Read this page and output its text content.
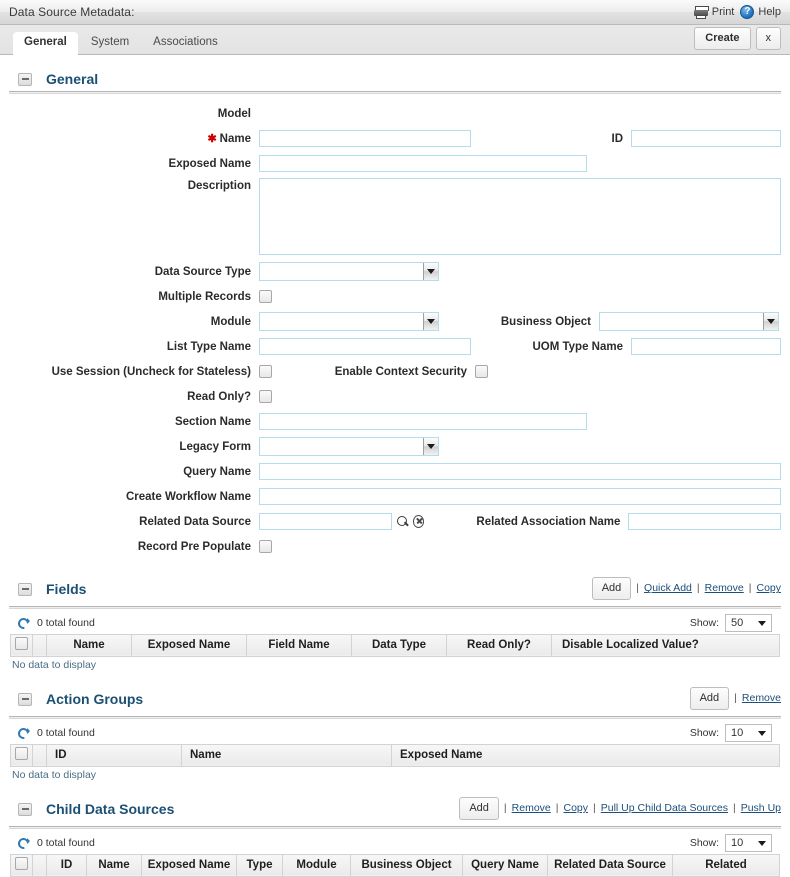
Data Source Metadata:	Print ? Help
General	System	Associations	Create	x
General
Model
✱ Name	ID
Exposed Name
Description
Data Source Type
Multiple Records
Module	Business Object
List Type Name	UOM Type Name
Use Session (Uncheck for Stateless)	Enable Context Security
Read Only?
Section Name
Legacy Form
Query Name
Create Workflow Name
Related Data Source	Related Association Name
Record Pre Populate
Fields	Add	| Quick Add | Remove | Copy
0 total found	Show: 50
		Name	Exposed Name	Field Name	Data Type	Read Only?	Disable Localized Value?
No data to display
Action Groups	Add	| Remove
0 total found	Show: 10
		ID	Name	Exposed Name
No data to display
Child Data Sources	Add	| Remove | Copy | Pull Up Child Data Sources | Push Up
0 total found	Show: 10
		ID	Name	Exposed Name	Type	Module	Business Object	Query Name	Related Data Source	Related
